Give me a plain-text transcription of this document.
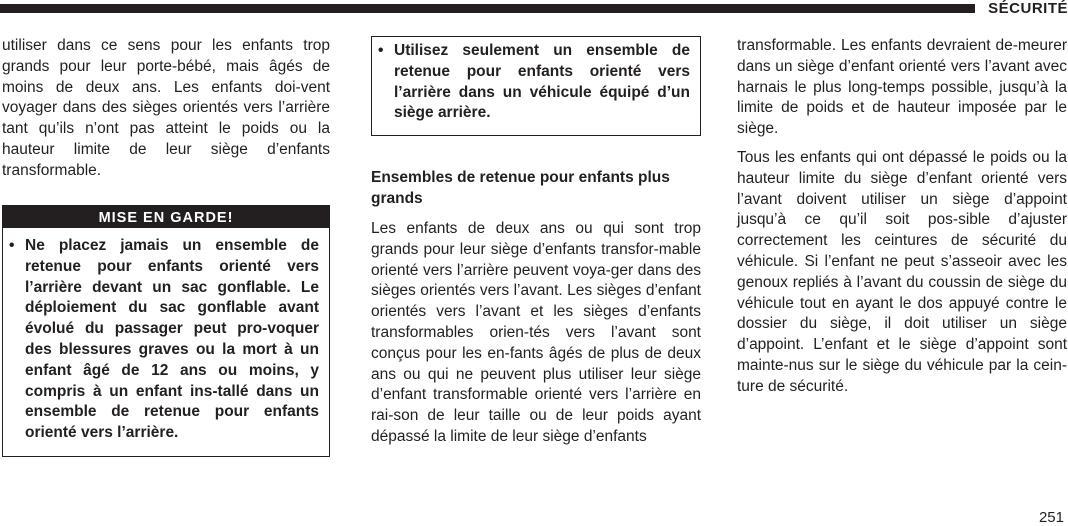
SÉCURITÉ

utiliser dans ce sens pour les enfants trop grands pour leur porte-bébé, mais âgés de moins de deux ans. Les enfants doi-vent voyager dans des sièges orientés vers l’arrière tant qu’ils n’ont pas atteint le poids ou la hauteur limite de leur siège d’enfants transformable.

MISE EN GARDE!
• Ne placez jamais un ensemble de retenue pour enfants orienté vers l’arrière devant un sac gonflable. Le déploiement du sac gonflable avant évolué du passager peut pro-voquer des blessures graves ou la mort à un enfant âgé de 12 ans ou moins, y compris à un enfant ins-tallé dans un ensemble de retenue pour enfants orienté vers l’arrière.
• Utilisez seulement un ensemble de retenue pour enfants orienté vers l’arrière dans un véhicule équipé d’un siège arrière.
Ensembles de retenue pour enfants plus grands

Les enfants de deux ans ou qui sont trop grands pour leur siège d’enfants transfor-mable orienté vers l’arrière peuvent voya-ger dans des sièges orientés vers l’avant. Les sièges d’enfant orientés vers l’avant et les sièges d’enfants transformables orien-tés vers l’avant sont conçus pour les en-fants âgés de plus de deux ans ou qui ne peuvent plus utiliser leur siège d’enfant transformable orienté vers l’arrière en rai-son de leur taille ou de leur poids ayant dépassé la limite de leur siège d’enfants

transformable. Les enfants devraient de-meurer dans un siège d’enfant orienté vers l’avant avec harnais le plus long-temps possible, jusqu’à la limite de poids et de hauteur imposée par le siège.

Tous les enfants qui ont dépassé le poids ou la hauteur limite du siège d’enfant orienté vers l’avant doivent utiliser un siège d’appoint jusqu’à ce qu’il soit pos-sible d’ajuster correctement les ceintures de sécurité du véhicule. Si l’enfant ne peut s’asseoir avec les genoux repliés à l’avant du coussin de siège du véhicule tout en ayant le dos appuyé contre le dossier du siège, il doit utiliser un siège d’appoint. L’enfant et le siège d’appoint sont mainte-nus sur le siège du véhicule par la cein-ture de sécurité.

251
